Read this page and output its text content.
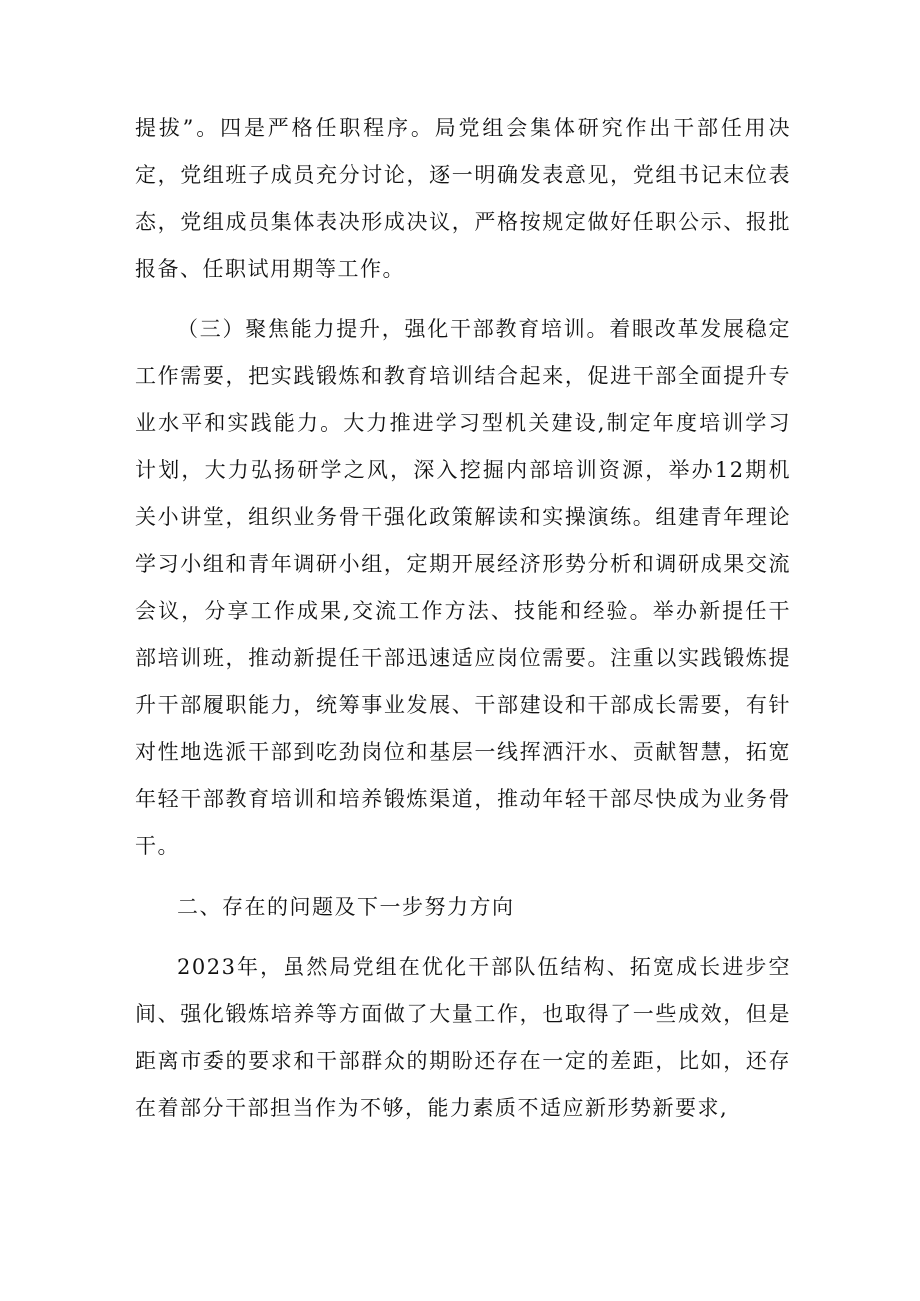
提拔”。四是严格任职程序。局党组会集体研究作出干部任用决定，党组班子成员充分讨论，逐一明确发表意见，党组书记末位表态，党组成员集体表决形成决议，严格按规定做好任职公示、报批报备、任职试用期等工作。

（三）聚焦能力提升，强化干部教育培训。着眼改革发展稳定工作需要，把实践锻炼和教育培训结合起来，促进干部全面提升专业水平和实践能力。大力推进学习型机关建设,制定年度培训学习计划，大力弘扬研学之风，深入挖掘内部培训资源，举办12期机关小讲堂，组织业务骨干强化政策解读和实操演练。组建青年理论学习小组和青年调研小组，定期开展经济形势分析和调研成果交流会议，分享工作成果,交流工作方法、技能和经验。举办新提任干部培训班，推动新提任干部迅速适应岗位需要。注重以实践锻炼提升干部履职能力，统筹事业发展、干部建设和干部成长需要，有针对性地选派干部到吃劲岗位和基层一线挥洒汗水、贡献智慧，拓宽年轻干部教育培训和培养锻炼渠道，推动年轻干部尽快成为业务骨干。

二、存在的问题及下一步努力方向

2023年，虽然局党组在优化干部队伍结构、拓宽成长进步空间、强化锻炼培养等方面做了大量工作，也取得了一些成效，但是距离市委的要求和干部群众的期盼还存在一定的差距，比如，还存在着部分干部担当作为不够，能力素质不适应新形势新要求,
